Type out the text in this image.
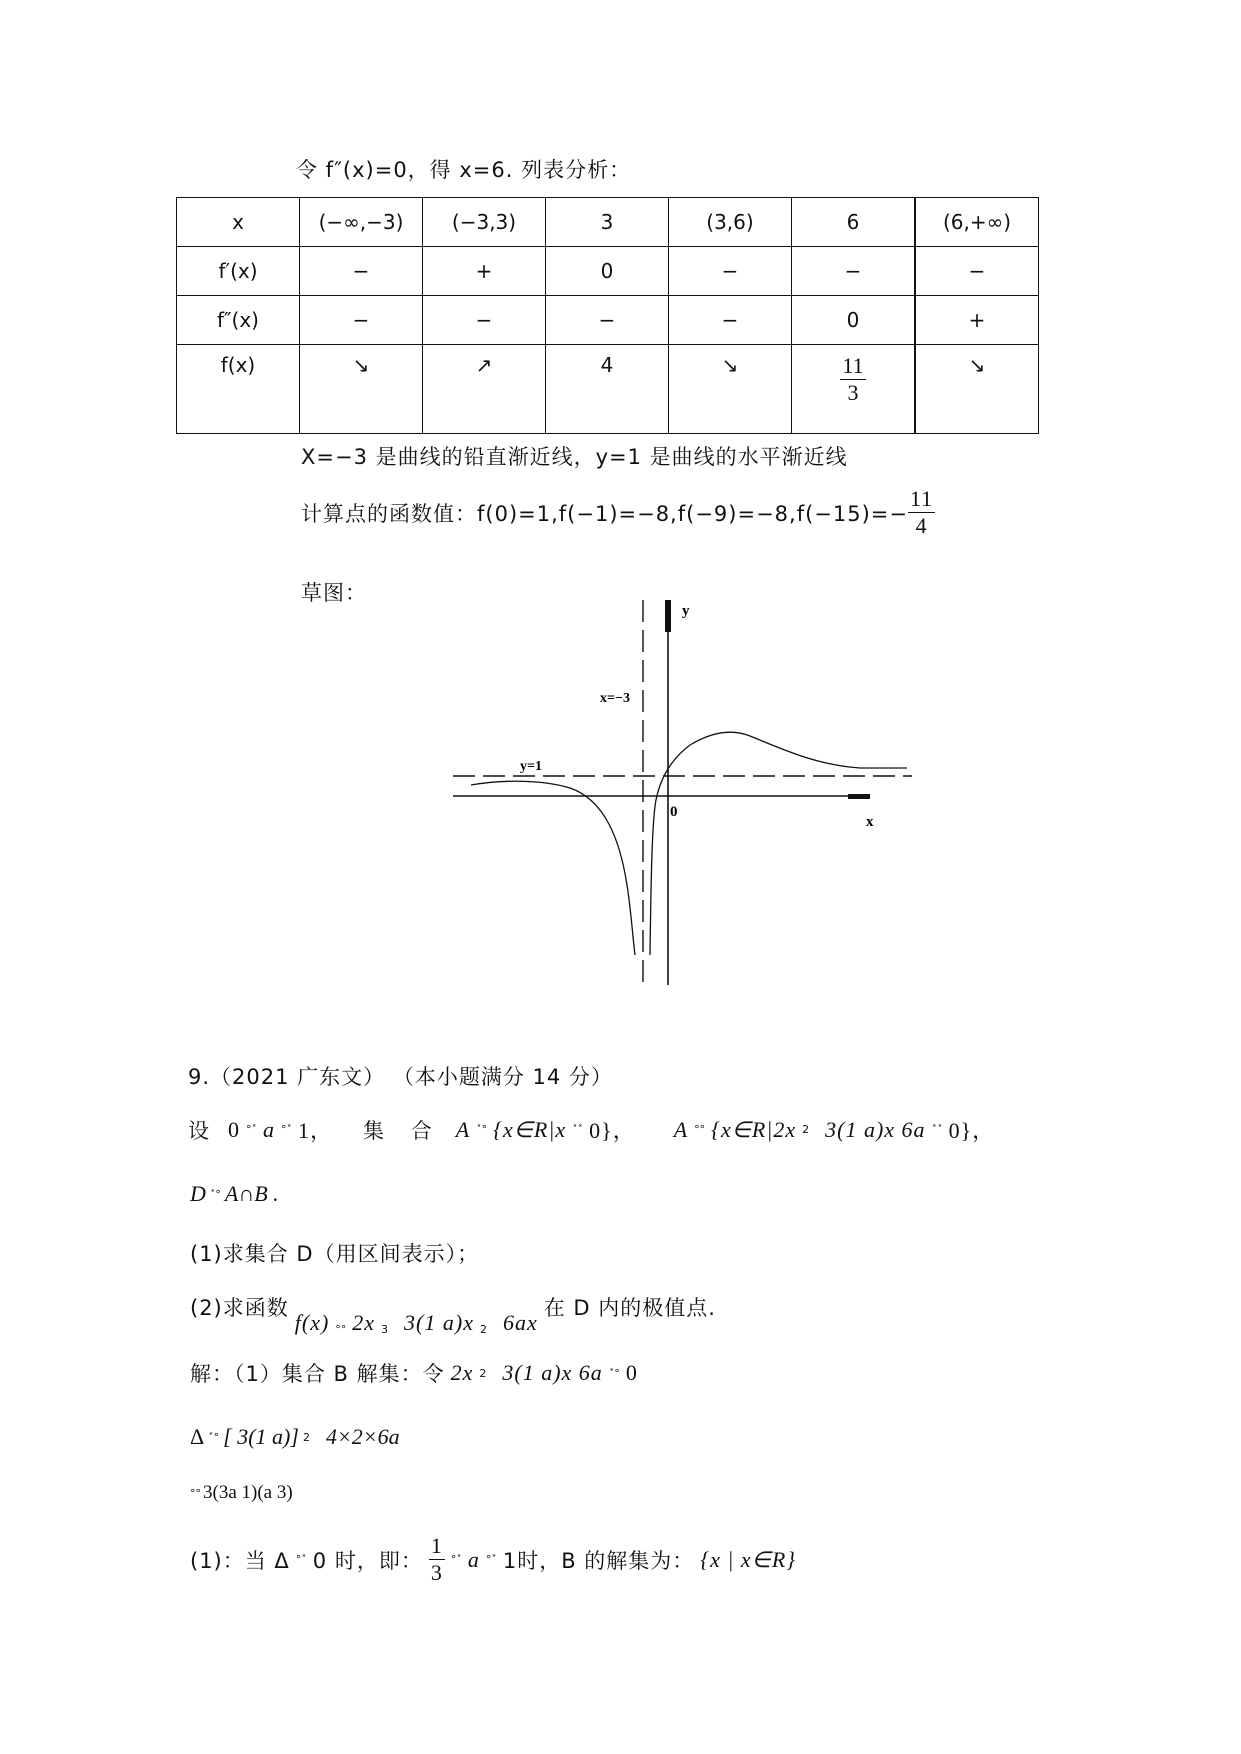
令 f″(x)=0，得 x=6. 列表分析：
x	(−∞,−3)	(−3,3)	3	(3,6)	6	(6,+∞)
f′(x)	−	+	0	−	−	−
f″(x)	−	−	−	−	0	+
f(x)	↘	↗	4	↘	$\frac{11}{3}$	↘
X=−3 是曲线的铅直渐近线，y=1 是曲线的水平渐近线
计算点的函数值：$f(0)=1,f(-1)=-8,f(-9)=-8,f(-15)=- \frac{11}{4}$
草图：
y
x
0
x=−3
y=1
9.（2021 广东文） （本小题满分 14 分）
设 0 °˟ a °˟ 1， 集 合 A ˟° {x∈R|x ˟˟ 0}， A °° {x∈R|2x 2 3(1 a)x 6a ˟˟ 0}，
D ˟° A∩B .
(1)求集合 D（用区间表示）；
(2)求函数
f(x) °° 2x 3 3(1 a)x 2 6ax
在 D 内的极值点.
解：（1）集合 B 解集：令 2x 2 3(1 a)x 6a ˟° 0
Δ ˟° [ 3(1 a)] 2 4×2×6a
°° 3(3a 1)(a 3)
(1)：当 Δ °˟ 0 时，即： $\frac{1}{3}$ °˟ a °˟ 1时，B 的解集为： {x | x∈R}
